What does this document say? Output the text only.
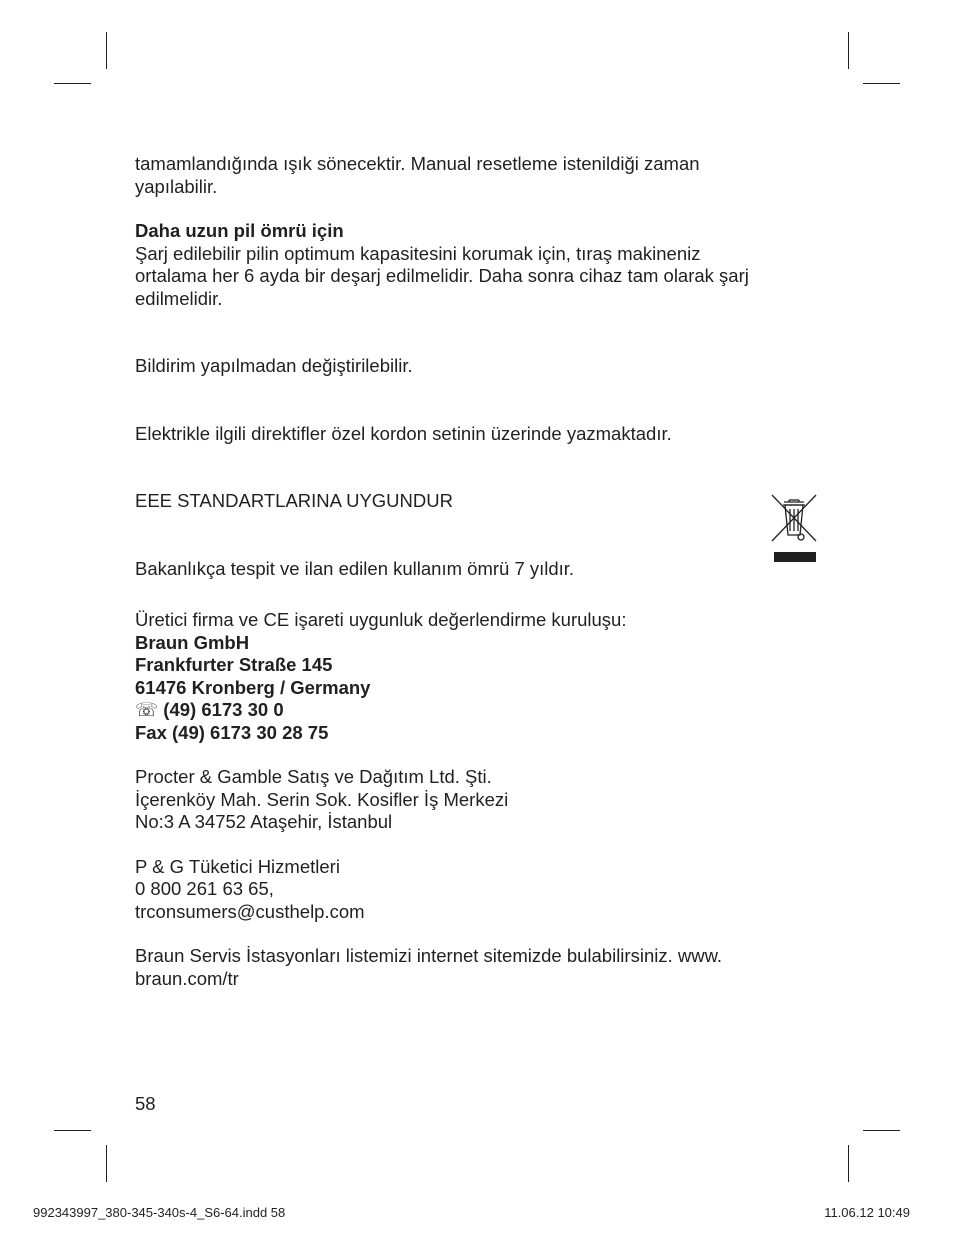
tamamlandığında ışık sönecektir. Manual resetleme istenildiği zaman
yapılabilir.

Daha uzun pil ömrü için
Şarj edilebilir pilin optimum kapasitesini korumak için, tıraş makineniz
ortalama her 6 ayda bir deşarj edilmelidir. Daha sonra cihaz tam olarak şarj
edilmelidir.

Bildirim yapılmadan değiştirilebilir.

Elektrikle ilgili direktifler özel kordon setinin üzerinde yazmaktadır.

EEE STANDARTLARINA UYGUNDUR

Bakanlıkça tespit ve ilan edilen kullanım ömrü 7 yıldır.

Üretici firma ve CE işareti uygunluk değerlendirme kuruluşu:
Braun GmbH
Frankfurter Straße 145
61476 Kronberg / Germany
☏ (49) 6173 30 0
Fax (49) 6173 30 28 75

Procter & Gamble Satış ve Dağıtım Ltd. Şti.
İçerenköy Mah. Serin Sok. Kosifler İş Merkezi
No:3 A 34752 Ataşehir, İstanbul

P & G Tüketici Hizmetleri
0 800 261 63 65,
trconsumers@custhelp.com

Braun Servis İstasyonları listemizi internet sitemizde bulabilirsiniz. www.
braun.com/tr

58
992343997_380-345-340s-4_S6-64.indd 58	11.06.12 10:49
